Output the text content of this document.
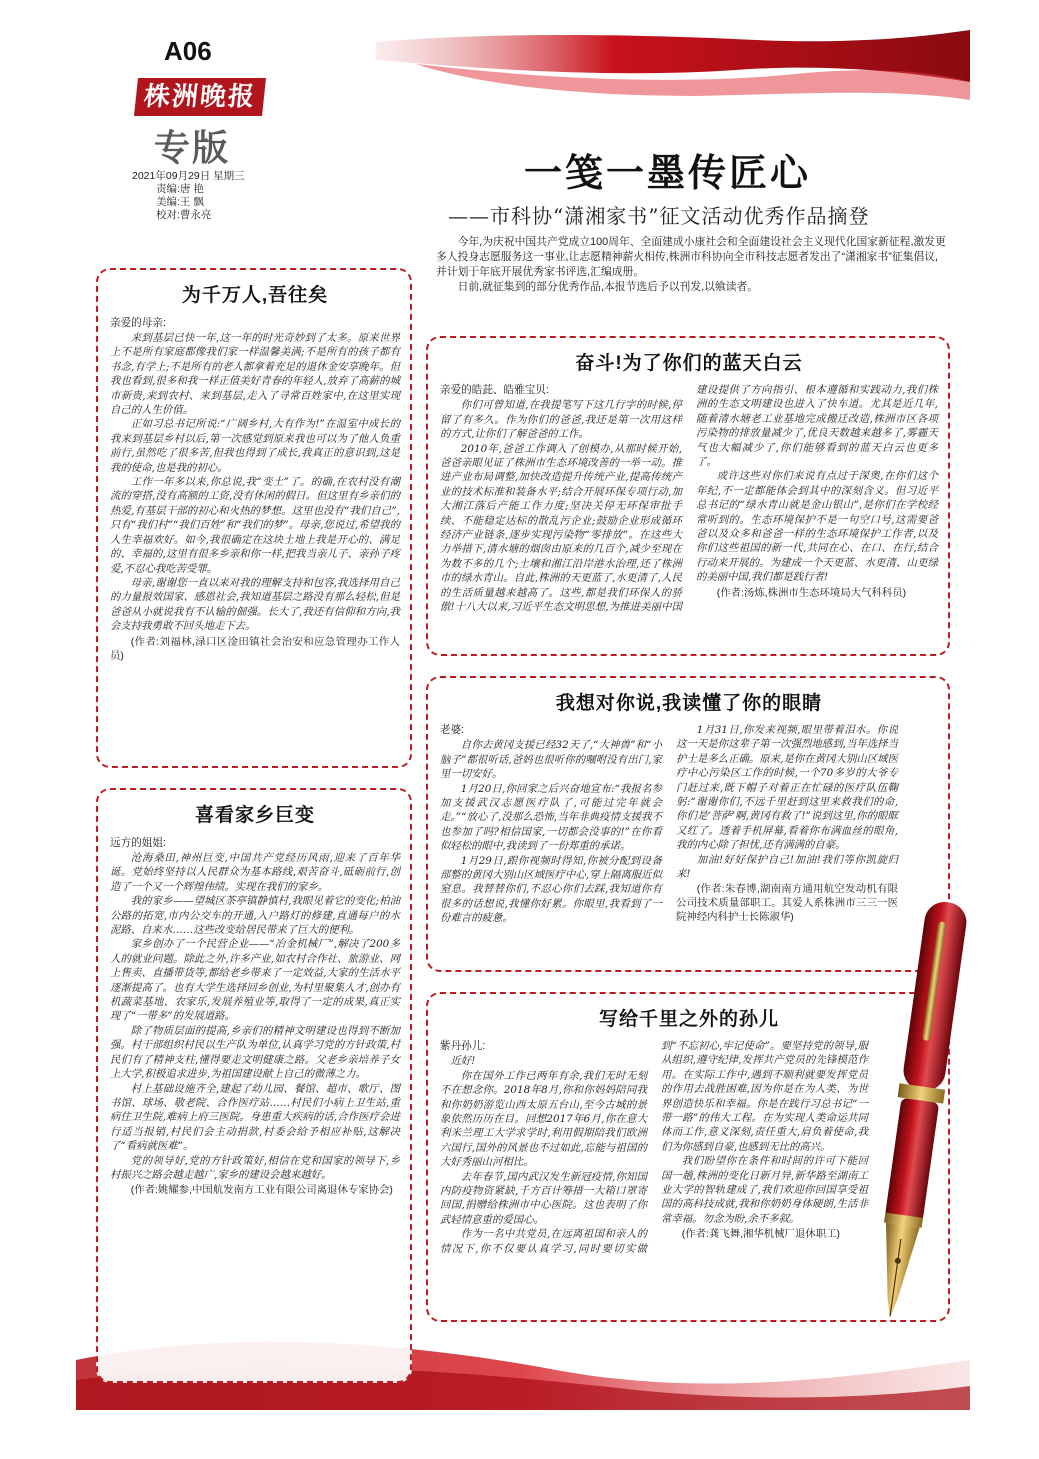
A06
株洲晚报
专版
2021年09月29日 星期三
责编:唐 艳
美编:王 飘
校对:曹永亮
一笺一墨传匠心
——市科协“潇湘家书”征文活动优秀作品摘登

今年,为庆祝中国共产党成立100周年、全面建成小康社会和全面建设社会主义现代化国家新征程,激发更多人投身志愿服务这一事业,让志愿精神薪火相传,株洲市科协向全市科技志愿者发出了“潇湘家书”征集倡议,并计划于年底开展优秀家书评选,汇编成册。

日前,就征集到的部分优秀作品,本报节选后予以刊发,以飨读者。

为千万人,吾往矣
亲爱的母亲:

来到基层已快一年,这一年的时光奇妙到了太多。原来世界上不是所有家庭都像我们家一样温馨美满;不是所有的孩子都有书念,有学上;不是所有的老人都拿着充足的退休金安享晚年。但我也看到,很多和我一样正值美好青春的年轻人,放弃了高薪的城市新贵,来到农村、来到基层,走入了寻常百姓家中,在这里实现自己的人生价值。

正如习总书记所说:“广阔乡村,大有作为!”在温室中成长的我来到基层乡村以后,第一次感觉到原来我也可以为了他人负重前行,虽然吃了很多苦,但我也得到了成长,我真正的意识到,这是我的使命,也是我的初心。

工作一年多以来,你总说,我“变土”了。的确,在农村没有潮流的穿搭,没有高额的工资,没有休闲的假日。但这里有乡亲们的热爱,有基层干部的初心和火热的梦想。这里也没有“我们自己”,只有“我们村”“我们百姓”和“我们的梦”。母亲,您说过,希望我的人生幸福欢好。如今,我很确定在这块土地上我是开心的、满足的、幸福的,这里有很多乡亲和你一样,把我当亲儿子、亲孙子疼爱,不忍心我吃苦受罪。

母亲,谢谢您一直以来对我的理解支持和包容,我选择用自己的力量报效国家、感恩社会,我知道基层之路没有那么轻松,但是爸爸从小就说我有不认输的倔强。长大了,我还有信仰和方向,我会支持我勇敢不回头地走下去。

(作者:刘福林,渌口区淦田镇社会治安和应急管理办工作人员)
喜看家乡巨变
远方的姐姐:

沧海桑田,神州巨变,中国共产党经历风雨,迎来了百年华诞。党始终坚持以人民群众为基本路线,艰苦奋斗,砥砺前行,创造了一个又一个辉煌伟绩。实现在我们的家乡。

我的家乡——望城区茶亭镇静慎村,我眼见着它的变化;柏油公路的拓宽,市内公交车的开通,入户路灯的修建,直通每户的水泥路、自来水……这些改变给居民带来了巨大的便利。

家乡创办了一个民营企业——“冶金机械厂”,解决了200多人的就业问题。除此之外,许多产业,如农村合作社、旅游业、网上售卖、直播带货等,都给老乡带来了一定效益,大家的生活水平逐渐提高了。也有大学生选择回乡创业,为村里聚集人才,创办有机蔬菜基地、农家乐,发展养殖业等,取得了一定的成果,真正实现了“一带多”的发展道路。

除了物质层面的提高,乡亲们的精神文明建设也得到不断加强。村干部组织村民以生产队为单位,认真学习党的方针政策,村民们有了精神支柱,懂得要走文明健康之路。父老乡亲培养子女上大学,积极追求进步,为祖国建设献上自己的微薄之力。

村上基础设施齐全,建起了幼儿园、餐馆、超市、歌厅、图书馆、球场、敬老院、合作医疗站……村民们小病上卫生站,重病住卫生院,难病上府三医院。身患重大疾病的话,合作医疗会进行适当报销,村民们会主动捐款,村委会给予相应补贴,这解决了“看病就医难”。

党的领导好,党的方针政策好,相信在党和国家的领导下,乡村振兴之路会越走越广,家乡的建设会越来越好。

(作者:姚耀参,中国航发南方工业有限公司离退休专家协会)
奋斗!为了你们的蓝天白云
亲爱的皓茈、皓雅宝贝:

你们可曾知道,在我提笔写下这几行字的时候,停留了有多久。作为你们的爸爸,我还是第一次用这样的方式,让你们了解爸爸的工作。

2010年,爸爸工作调入了创模办,从那时候开始,爸爸亲眼见证了株洲市生态环境改善的一举一动。推进产业布局调整,加快改造提升传统产业,提高传统产业的技术标准和装备水平;结合开展环保专项行动,加大湘江落后产能工作力度;坚决关停无环保审批手续、不能稳定达标的散乱污企业;鼓励企业形成循环经济产业链条,逐步实现污染物“零排放”。在这些大力举措下,清水塘的烟囱由原来的几百个,减少至现在为数不多的几个;土壤和湘江沿岸港水治理,还了株洲市的绿水青山。自此,株洲的天更蓝了,水更清了,人民的生活质量越来越高了。这些,都是我们环保人的骄傲!十八大以来,习近平生态文明思想,为推进美丽中国建设提供了方向指引、根本遵循和实践动力,我们株洲的生态文明建设也进入了快车道。尤其是近几年,随着清水塘老工业基地完成搬迁改造,株洲市区各项污染物的排放量减少了,优良天数越来越多了,雾霾天气也大幅减少了,你们能够看到的蓝天白云也更多了。

或许这些对你们来说有点过于深奥,在你们这个年纪,不一定都能体会到其中的深刻含义。但习近平总书记的“绿水青山就是金山银山”,是你们在学校经常听到的。生态环境保护不是一句空口号,这需要爸爸以及众多和爸爸一样的生态环境保护工作者,以及你们这些祖国的新一代,共同在心、在口、在行,结合行动来开展的。为建成一个天更蓝、水更清、山更绿的美丽中国,我们都是践行者!

(作者:汤炼,株洲市生态环境局大气科科员)
我想对你说,我读懂了你的眼睛
老婆:

自你去黄冈支援已经32天了,“大神兽”和“小脑子”都很听话,爸妈也很听你的嘱咐没有出门,家里一切安好。

1月20日,你回家之后兴奋地宣布:“我报名参加支援武汉志愿医疗队了,可能过完年就会走。”“放心了,没那么恐怖,当年非典疫情支援我不也参加了吗?相信国家,一切都会没事的!”在你看似轻松的眼中,我读到了一份郑重的承诺。

1月29日,跟你视频时得知,你被分配到设备部整的黄冈大别山区域医疗中心,穿上隔离服近似窒息。我替替你们,不忍心你们去踩,我知道你有很多的话想说,我懂你好累。你眼里,我看到了一份难言的疲惫。

1月31日,你发来视频,眼里带着泪水。你说这一天是你这辈子第一次强烈地感到,当年选择当护士是多么正确。原来,是你在黄冈大别山区域医疗中心污染区工作的时候,一个70多岁的大爷专门赶过来,既下帽子对着正在忙碌的医疗队伍鞠躬:“谢谢你们,不远千里赶到这里来救我们的命,你们是‘菩萨’啊,黄冈有救了!”说到这里,你的眼眶又红了。透着手机屏幕,看着你布满血丝的眼角,我的内心除了担忧,还有满满的自豪。

加油!好好保护自己!加油!我们等你凯旋归来!

(作者:朱春博,湖南南方通用航空发动机有限公司技术质量部职工。其爱人系株洲市三三一医院神经内科护士长陈淑华)
写给千里之外的孙儿
紫丹孙儿:

近好!

你在国外工作已两年有余,我们无时无刻不在想念你。2018年8月,你和你妈妈陪同我和你奶奶游览山西太原五台山,至今古城的景象依然历历在目。回想2017年6月,你在意大利米兰理工大学求学时,利用假期陪我们欧洲六国行,国外的风景也不过如此,忘能与祖国的大好秀丽山河相比。

去年春节,国内武汉发生新冠疫情,你知国内防疫物资紧缺,千方百计筹措一大箱口罩寄回国,捐赠给株洲市中心医院。这也表明了你武轻情意重的爱国心。

作为一名中共党员,在远离祖国和亲人的情况下,你不仅要认真学习,同时要切实做到“不忘初心,牢记使命”。要坚持党的领导,服从组织,遵守纪律,发挥共产党员的先锋模范作用。在实际工作中,遇到不顺利就要发挥党员的作用去战胜困难,因为你是在为人类、为世界创造快乐和幸福。你是在践行习总书记“一带一路”的伟大工程。在为实现人类命运共同体而工作,意义深刻,责任重大,肩负着使命,我们为你感到自豪,也感到无比的高兴。

我们盼望你在条件和时间的许可下能回国一趟,株洲的变化日新月异,新华路至湖南工业大学的智轨建成了,我们欢迎你回国享受祖国的高科技成就,我和你奶奶身体硬朗,生活非常幸福。勿念为盼,余不多叙。

(作者:龚飞舞,湘华机械厂退休职工)
